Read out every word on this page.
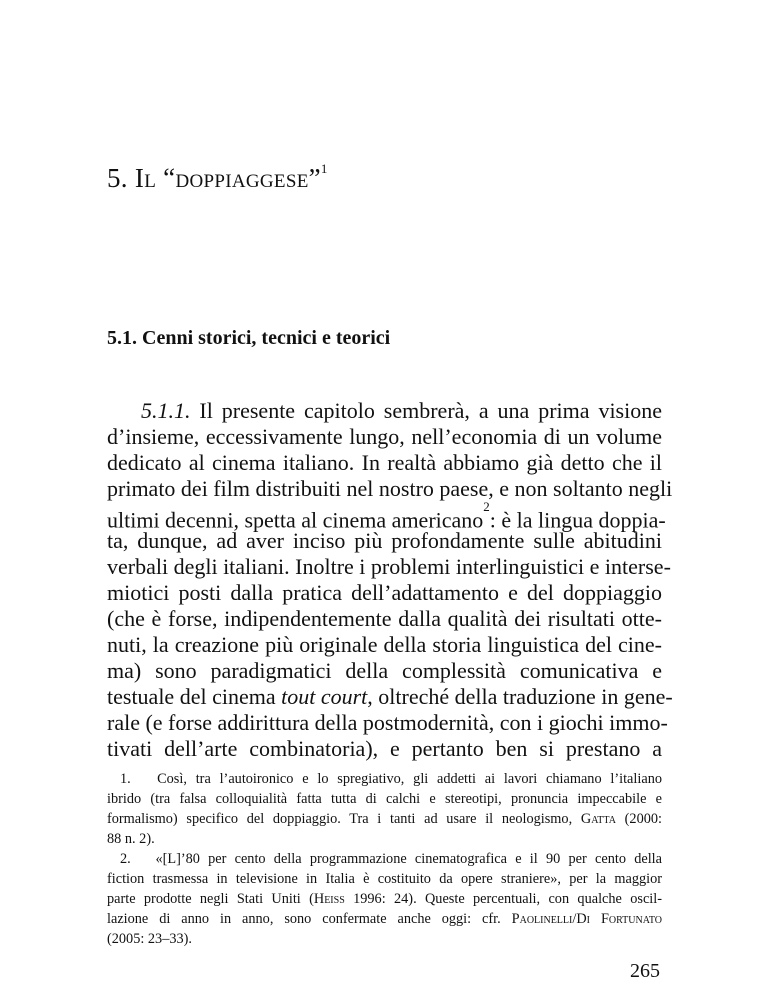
5. Il “doppiaggese”$^1$
5.1. Cenni storici, tecnici e teorici
5.1.1. Il presente capitolo sembrerà, a una prima visione
d’insieme, eccessivamente lungo, nell’economia di un volume
dedicato al cinema italiano. In realtà abbiamo già detto che il
primato dei film distribuiti nel nostro paese, e non soltanto negli
ultimi decenni, spetta al cinema americano$^2$: è la lingua doppia-
ta, dunque, ad aver inciso più profondamente sulle abitudini
verbali degli italiani. Inoltre i problemi interlinguistici e interse-
miotici posti dalla pratica dell’adattamento e del doppiaggio
(che è forse, indipendentemente dalla qualità dei risultati otte-
nuti, la creazione più originale della storia linguistica del cine-
ma) sono paradigmatici della complessità comunicativa e
testuale del cinema tout court, oltreché della traduzione in gene-
rale (e forse addirittura della postmodernità, con i giochi immo-
tivati dell’arte combinatoria), e pertanto ben si prestano a
1. Così, tra l’autoironico e lo spregiativo, gli addetti ai lavori chiamano l’italiano
ibrido (tra falsa colloquialità fatta tutta di calchi e stereotipi, pronuncia impeccabile e
formalismo) specifico del doppiaggio. Tra i tanti ad usare il neologismo, Gatta (2000:
88 n. 2).
2. «[L]’80 per cento della programmazione cinematografica e il 90 per cento della
fiction trasmessa in televisione in Italia è costituito da opere straniere», per la maggior
parte prodotte negli Stati Uniti (Heiss 1996: 24). Queste percentuali, con qualche oscil-
lazione di anno in anno, sono confermate anche oggi: cfr. Paolinelli/Di Fortunato
(2005: 23–33).
265
